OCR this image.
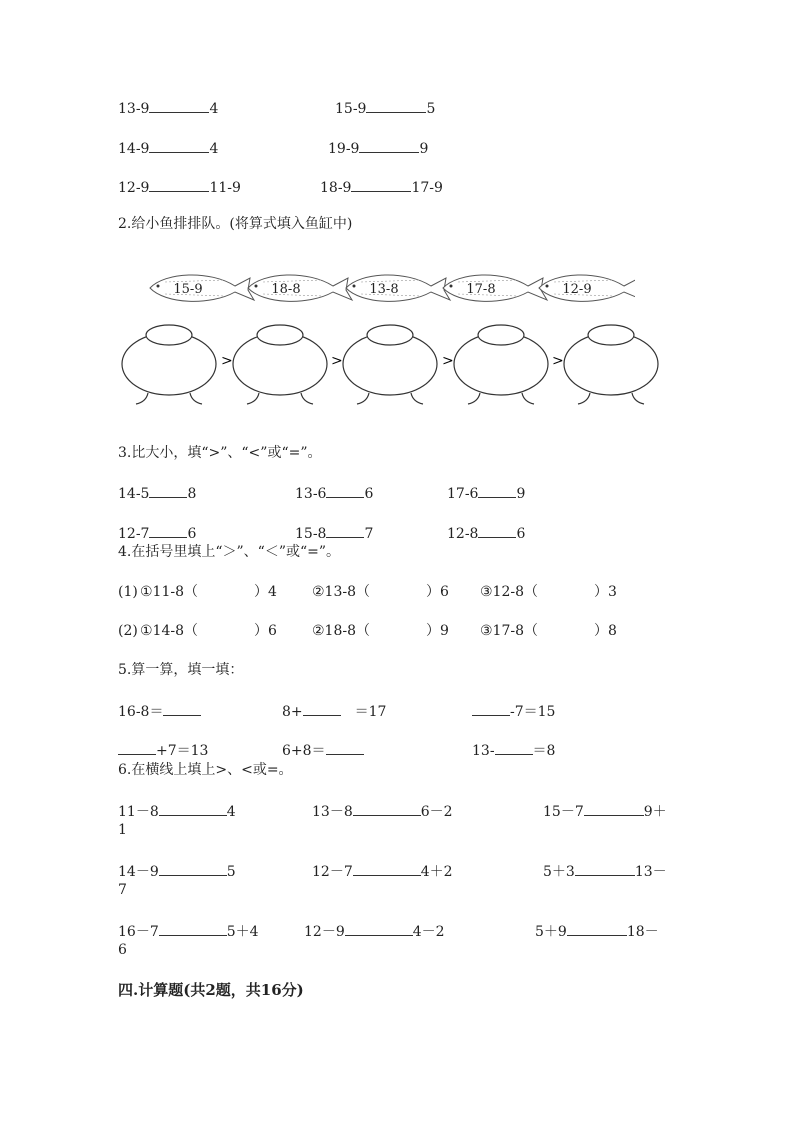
13-9	4	15-9	5
14-9	4	19-9	9
12-9	11-9	18-9	17-9
2.给小鱼排排队。(将算式填入鱼缸中)
15-9	18-8	13-8	17-8	12-9
>	>	>	>
3.比大小，填“>”、“<”或“=”。
14-5	8	13-6	6	17-6	9
12-7	6	15-8	7	12-8	6
4.在括号里填上“＞”、“＜”或“=”。
(1) ①11-8（	）4	②13-8（	）6 ③12-8（	）3
(2) ①14-8（	）6	②18-8（	）9 ③17-8（	）8
5.算一算，填一填：
16-8＝	8+	＝17	-7＝15
+7＝13	6+8＝	13-	＝8
6.在横线上填上>、<或=。
11－8	4	13－8	6－2	15－7	9＋
1
14－9	5	12－7	4＋2	5＋3	13－
7
16－7	5＋4	12－9	4－2	5＋9	18－
6
四.计算题(共2题，共16分)
